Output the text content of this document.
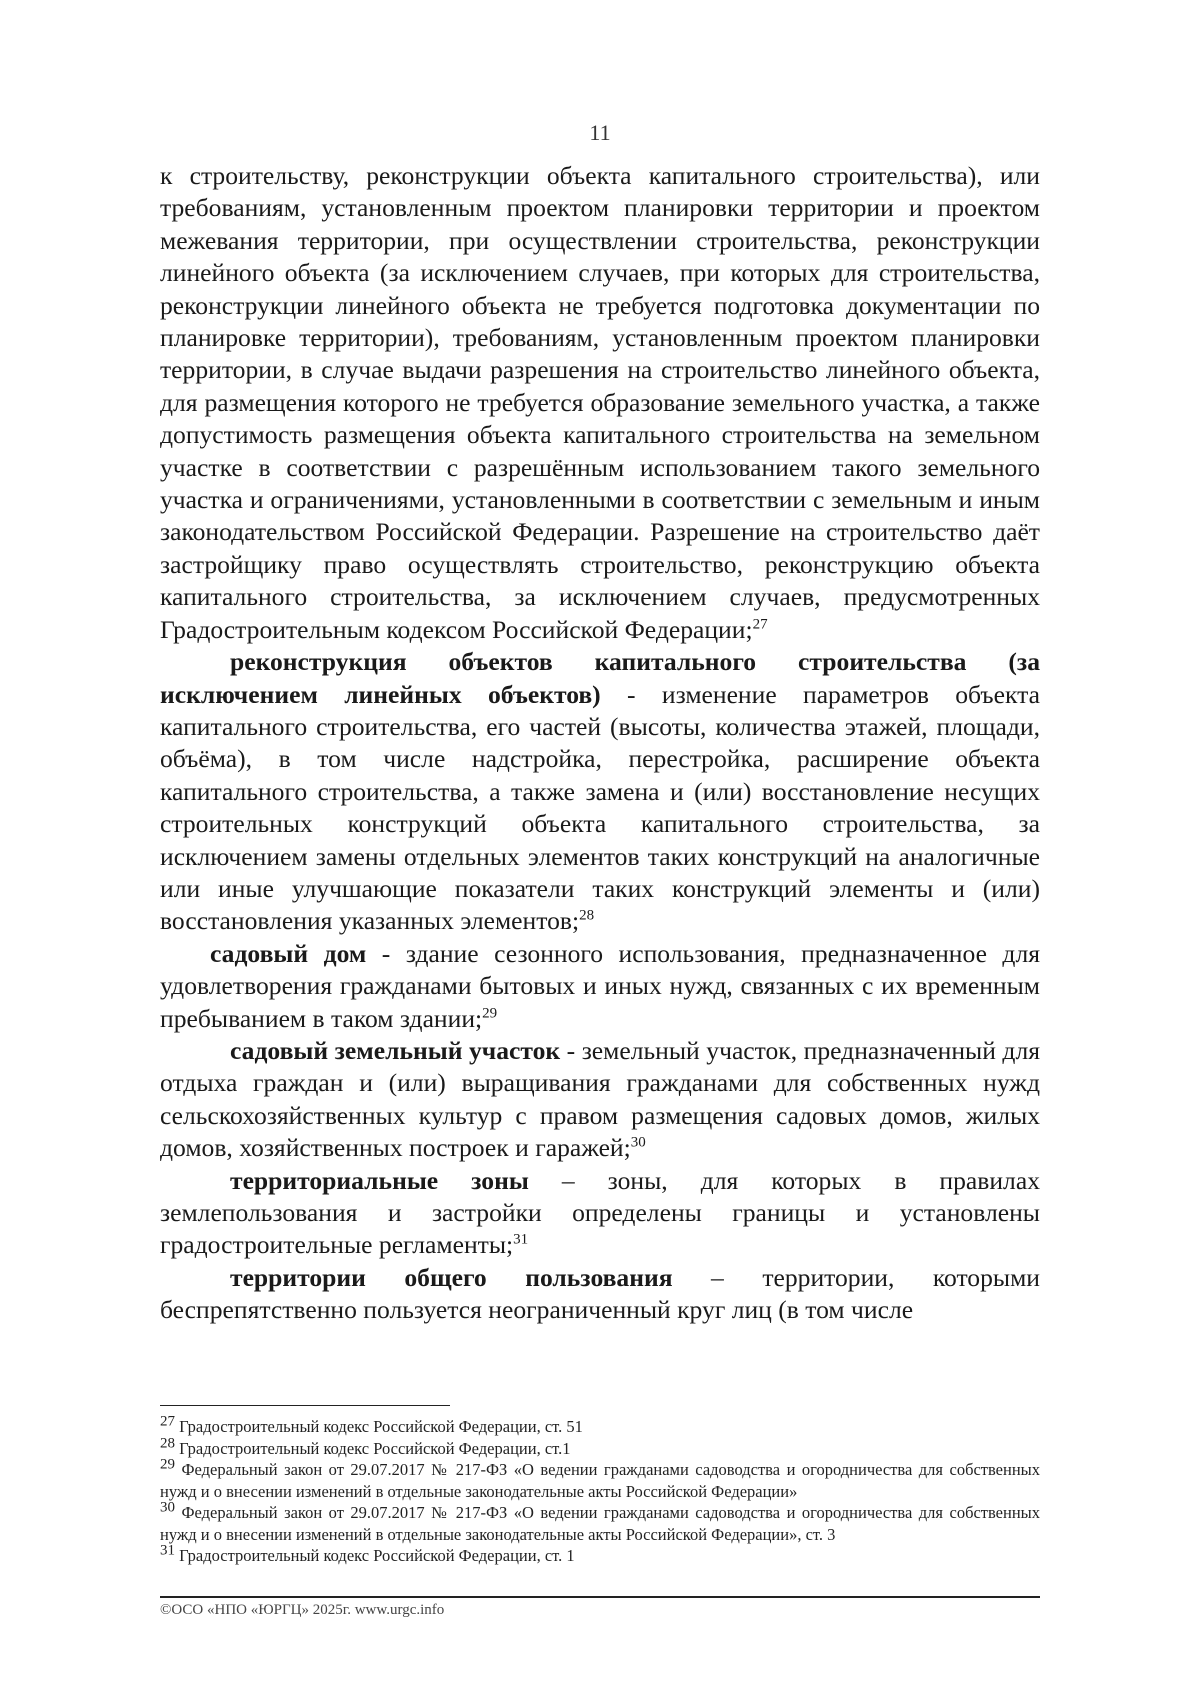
11

к строительству, реконструкции объекта капитального строительства), или требованиям, установленным проектом планировки территории и проектом межевания территории, при осуществлении строительства, реконструкции линейного объекта (за исключением случаев, при которых для строительства, реконструкции линейного объекта не требуется подготовка документации по планировке территории), требованиям, установленным проектом планировки территории, в случае выдачи разрешения на строительство линейного объекта, для размещения которого не требуется образование земельного участка, а также допустимость размещения объекта капитального строительства на земельном участке в соответствии с разрешённым использованием такого земельного участка и ограничениями, установленными в соответствии с земельным и иным законодательством Российской Федерации. Разрешение на строительство даёт застройщику право осуществлять строительство, реконструкцию объекта капитального строительства, за исключением случаев, предусмотренных Градостроительным кодексом Российской Федерации;$^{27}$

реконструкция объектов капитального строительства (за исключением линейных объектов) - изменение параметров объекта капитального строительства, его частей (высоты, количества этажей, площади, объёма), в том числе надстройка, перестройка, расширение объекта капитального строительства, а также замена и (или) восстановление несущих строительных конструкций объекта капитального строительства, за исключением замены отдельных элементов таких конструкций на аналогичные или иные улучшающие показатели таких конструкций элементы и (или) восстановления указанных элементов;$^{28}$

садовый дом - здание сезонного использования, предназначенное для удовлетворения гражданами бытовых и иных нужд, связанных с их временным пребыванием в таком здании;$^{29}$

садовый земельный участок - земельный участок, предназначенный для отдыха граждан и (или) выращивания гражданами для собственных нужд сельскохозяйственных культур с правом размещения садовых домов, жилых домов, хозяйственных построек и гаражей;$^{30}$

территориальные зоны – зоны, для которых в правилах землепользования и застройки определены границы и установлены градостроительные регламенты;$^{31}$

территории общего пользования – территории, которыми беспрепятственно пользуется неограниченный круг лиц (в том числе

$^{27}$ Градостроительный кодекс Российской Федерации, ст. 51

$^{28}$ Градостроительный кодекс Российской Федерации, ст.1

$^{29}$ Федеральный закон от 29.07.2017 № 217-ФЗ «О ведении гражданами садоводства и огородничества для собственных нужд и о внесении изменений в отдельные законодательные акты Российской Федерации»

$^{30}$ Федеральный закон от 29.07.2017 № 217-ФЗ «О ведении гражданами садоводства и огородничества для собственных нужд и о внесении изменений в отдельные законодательные акты Российской Федерации», ст. 3

$^{31}$ Градостроительный кодекс Российской Федерации, ст. 1

©ОСО «НПО «ЮРГЦ» 2025г. www.urgc.info
